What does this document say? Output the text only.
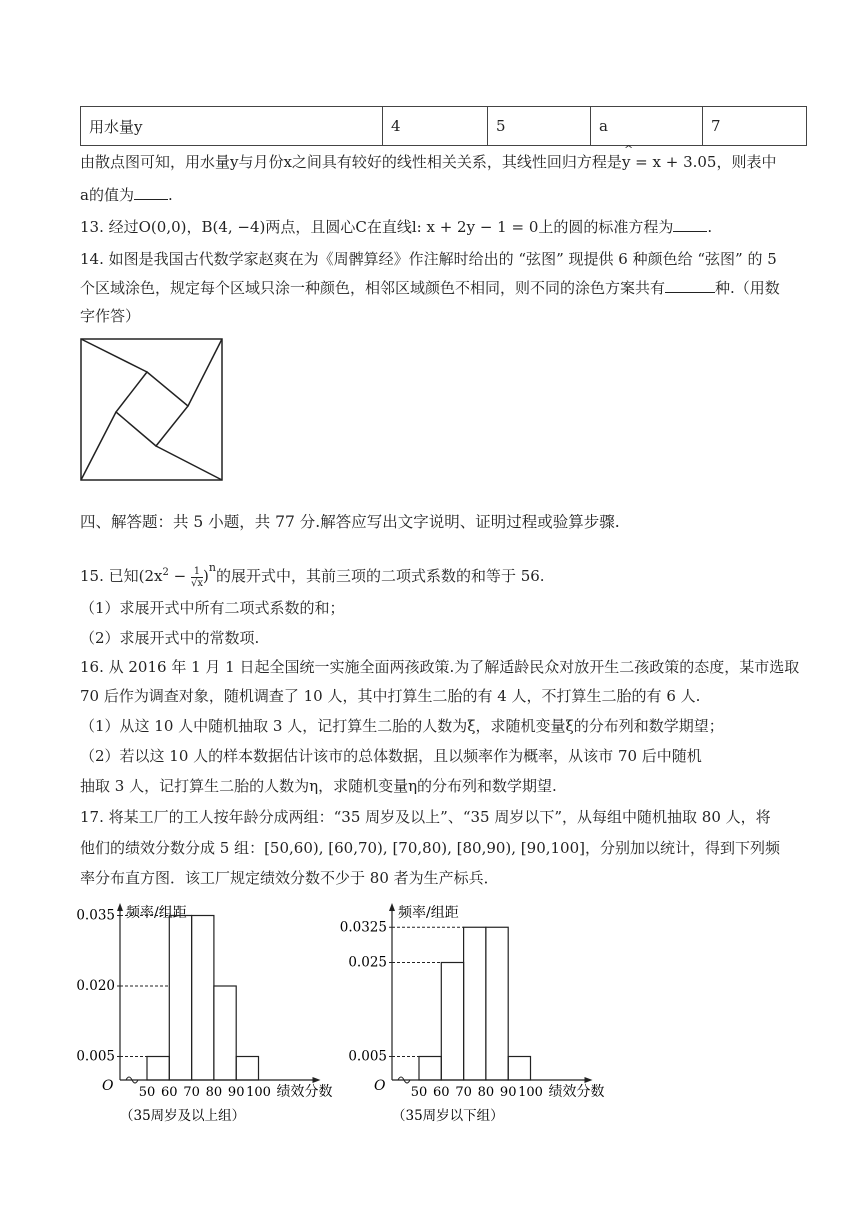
用水量y	4	5	a	7
由散点图可知，用水量y与月份x之间具有较好的线性相关关系，其线性回归方程是
^
y = x + 3.05，则表中
a的值为 .
13. 经过O(0,0)，B(4, −4)两点，且圆心C在直线l: x + 2y − 1 = 0上的圆的标准方程为 .
14. 如图是我国古代数学家赵爽在为《周髀算经》作注解时给出的 “弦图” 现提供 6 种颜色给 “弦图” 的 5
个区域涂色，规定每个区域只涂一种颜色，相邻区域颜色不相同，则不同的涂色方案共有	种.（用数
字作答）
四、解答题：共 5 小题，共 77 分.解答应写出文字说明、证明过程或验算步骤.
15. 已知$(2x^2 - \frac{1}{√x} )^n$的展开式中，其前三项的二项式系数的和等于 56.
（1）求展开式中所有二项式系数的和；
（2）求展开式中的常数项.
16. 从 2016 年 1 月 1 日起全国统一实施全面两孩政策.为了解适龄民众对放开生二孩政策的态度，某市选取
70 后作为调查对象，随机调查了 10 人，其中打算生二胎的有 4 人，不打算生二胎的有 6 人.
（1）从这 10 人中随机抽取 3 人，记打算生二胎的人数为ξ，求随机变量ξ的分布列和数学期望；
（2）若以这 10 人的样本数据估计该市的总体数据，且以频率作为概率，从该市 70 后中随机
抽取 3 人，记打算生二胎的人数为η，求随机变量η的分布列和数学期望.
17. 将某工厂的工人按年龄分成两组：“35 周岁及以上”、“35 周岁以下”，从每组中随机抽取 80 人，将
他们的绩效分数分成 5 组：[50,60), [60,70), [70,80), [80,90), [90,100]，分别加以统计，得到下列频
率分布直方图．该工厂规定绩效分数不少于 80 者为生产标兵．
频率/组距
O
0.005
0.020
0.035
50 60 70 80 90 100 绩效分数
（35周岁及以上组）
频率/组距
O
0.005
0.025
0.0325
50 60 70 80 90 100 绩效分数
（35周岁以下组）
